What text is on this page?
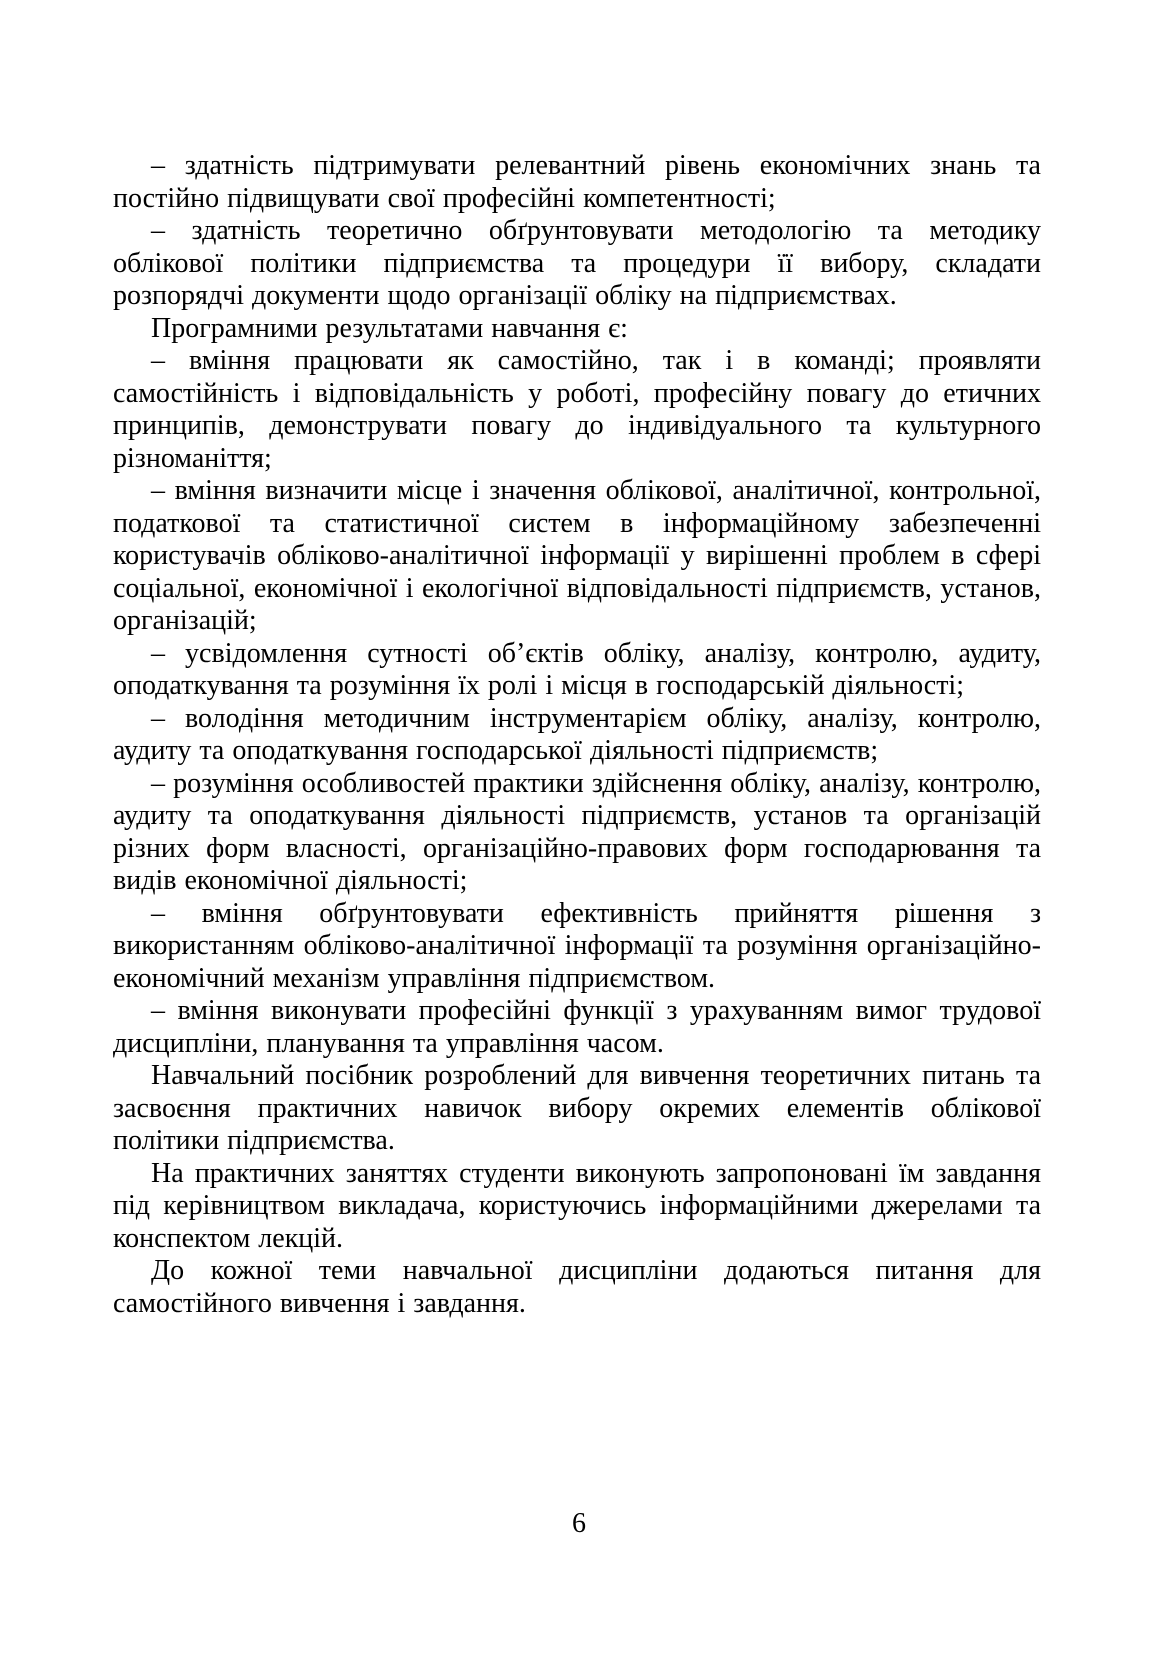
– здатність підтримувати релевантний рівень економічних знань та постійно підвищувати свої професійні компетентності;

– здатність теоретично обґрунтовувати методологію та методику облікової політики підприємства та процедури її вибору, складати розпорядчі документи щодо організації обліку на підприємствах.

Програмними результатами навчання є:

– вміння працювати як самостійно, так і в команді; проявляти самостійність і відповідальність у роботі, професійну повагу до етичних принципів, демонструвати повагу до індивідуального та культурного різноманіття;

– вміння визначити місце і значення облікової, аналітичної, контрольної, податкової та статистичної систем в інформаційному забезпеченні користувачів обліково-аналітичної інформації у вирішенні проблем в сфері соціальної, економічної і екологічної відповідальності підприємств, установ, організацій;

– усвідомлення сутності об’єктів обліку, аналізу, контролю, аудиту, оподаткування та розуміння їх ролі і місця в господарській діяльності;

– володіння методичним інструментарієм обліку, аналізу, контролю, аудиту та оподаткування господарської діяльності підприємств;

– розуміння особливостей практики здійснення обліку, аналізу, контролю, аудиту та оподаткування діяльності підприємств, установ та організацій різних форм власності, організаційно-правових форм господарювання та видів економічної діяльності;

– вміння обґрунтовувати ефективність прийняття рішення з використанням обліково-аналітичної інформації та розуміння організаційно-економічний механізм управління підприємством.

– вміння виконувати професійні функції з урахуванням вимог трудової дисципліни, планування та управління часом.

Навчальний посібник розроблений для вивчення теоретичних питань та засвоєння практичних навичок вибору окремих елементів облікової політики підприємства.

На практичних заняттях студенти виконують запропоновані їм завдання під керівництвом викладача, користуючись інформаційними джерелами та конспектом лекцій.

До кожної теми навчальної дисципліни додаються питання для самостійного вивчення і завдання.

6
